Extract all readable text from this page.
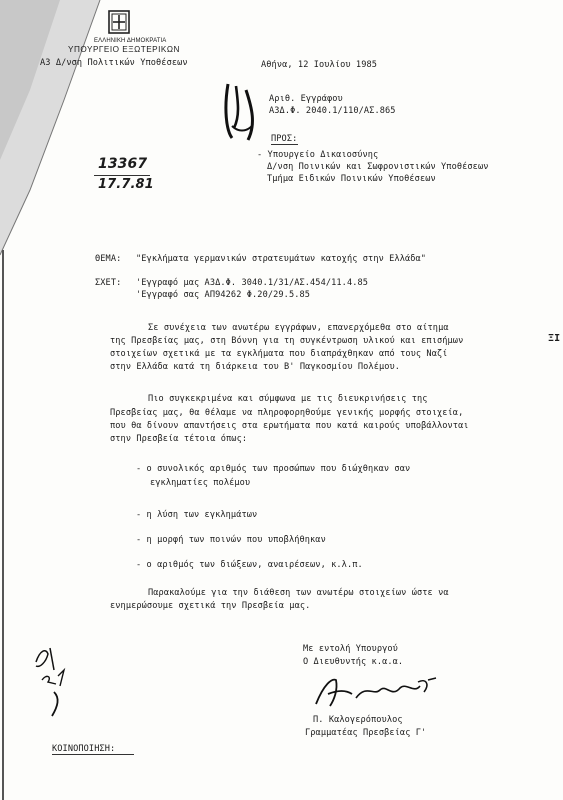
ΕΛΛΗΝΙΚΗ ΔΗΜΟΚΡΑΤΙΑ
ΥΠΟΥΡΓΕΙΟ ΕΞΩΤΕΡΙΚΩΝ
Α3 Δ/νση Πολιτικών Υποθέσεων	Αθήνα, 12 Ιουλίου 1985
Αριθ. Εγγράφου
Α3Δ.Φ. 2040.1/110/ΑΣ.865
13367
17.7.81
ΠΡΟΣ:
- Υπουργείο Δικαιοσύνης
Δ/νση Ποινικών και Σωφρονιστικών Υποθέσεων
Τμήμα Ειδικών Ποινικών Υποθέσεων
ΘΕΜΑ: "Εγκλήματα γερμανικών στρατευμάτων κατοχής στην Ελλάδα"
ΣΧΕΤ: 'Εγγραφό μας Α3Δ.Φ. 3040.1/31/ΑΣ.454/11.4.85
'Εγγραφό σας ΑΠ94262 Φ.20/29.5.85
Σε συνέχεια των ανωτέρω εγγράφων, επανερχόμεθα στο αίτημα
της Πρεσβείας μας, στη Βόννη για τη συγκέντρωση υλικού και επισήμων
στοιχείων σχετικά με τα εγκλήματα που διαπράχθηκαν από τους Ναζί
στην Ελλάδα κατά τη διάρκεια του Β' Παγκοσμίου Πολέμου.
ΞΙ
Πιο συγκεκριμένα και σύμφωνα με τις διευκρινήσεις της
Πρεσβείας μας, θα θέλαμε να πληροφορηθούμε γενικής μορφής στοιχεία,
που θα δίνουν απαντήσεις στα ερωτήματα που κατά καιρούς υποβάλλονται
στην Πρεσβεία τέτοια όπως:
- ο συνολικός αριθμός των προσώπων που διώχθηκαν σαν
εγκληματίες πολέμου
- η λύση των εγκλημάτων
- η μορφή των ποινών που υποβλήθηκαν
- ο αριθμός των διώξεων, αναιρέσεων, κ.λ.π.
Παρακαλούμε για την διάθεση των ανωτέρω στοιχείων ώστε να
ενημερώσουμε σχετικά την Πρεσβεία μας.
Με εντολή Υπουργού
Ο Διευθυντής κ.α.α.
Π. Καλογερόπουλος
Γραμματέας Πρεσβείας Γ'
ΚΟΙΝΟΠΟΙΗΣΗ:
